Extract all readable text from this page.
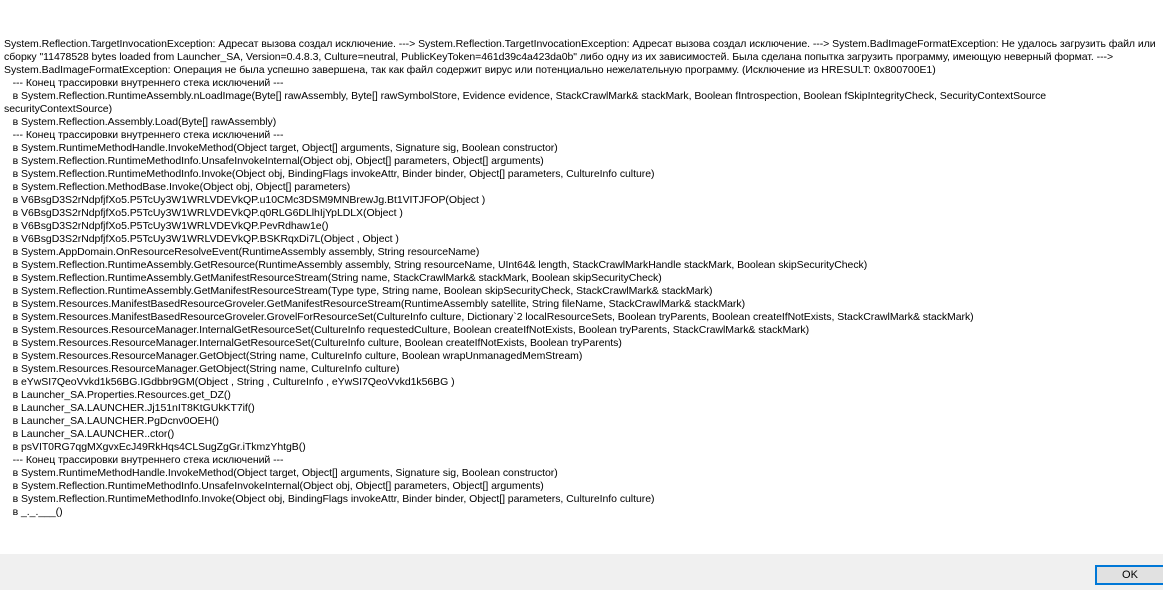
System.Reflection.TargetInvocationException: Адресат вызова создал исключение. ---> System.Reflection.TargetInvocationException: Адресат вызова создал исключение. ---> System.BadImageFormatException: Не удалось загрузить файл или сборку "11478528 bytes loaded from Launcher_SA, Version=0.4.8.3, Culture=neutral, PublicKeyToken=461d39c4a423da0b" либо одну из их зависимостей. Была сделана попытка загрузить программу, имеющую неверный формат. ---> System.BadImageFormatException: Операция не была успешно завершена, так как файл содержит вирус или потенциально нежелательную программу. (Исключение из HRESULT: 0x800700E1)
--- Конец трассировки внутреннего стека исключений ---
в System.Reflection.RuntimeAssembly.nLoadImage(Byte[] rawAssembly, Byte[] rawSymbolStore, Evidence evidence, StackCrawlMark& stackMark, Boolean fIntrospection, Boolean fSkipIntegrityCheck, SecurityContextSource securityContextSource)
в System.Reflection.Assembly.Load(Byte[] rawAssembly)
--- Конец трассировки внутреннего стека исключений ---
в System.RuntimeMethodHandle.InvokeMethod(Object target, Object[] arguments, Signature sig, Boolean constructor)
в System.Reflection.RuntimeMethodInfo.UnsafeInvokeInternal(Object obj, Object[] parameters, Object[] arguments)
в System.Reflection.RuntimeMethodInfo.Invoke(Object obj, BindingFlags invokeAttr, Binder binder, Object[] parameters, CultureInfo culture)
в System.Reflection.MethodBase.Invoke(Object obj, Object[] parameters)
в V6BsgD3S2rNdpfjfXo5.P5TcUy3W1WRLVDEVkQP.u10CMc3DSM9MNBrewJg.Bt1VITJFOP(Object )
в V6BsgD3S2rNdpfjfXo5.P5TcUy3W1WRLVDEVkQP.q0RLG6DLlhIjYpLDLX(Object )
в V6BsgD3S2rNdpfjfXo5.P5TcUy3W1WRLVDEVkQP.PevRdhaw1e()
в V6BsgD3S2rNdpfjfXo5.P5TcUy3W1WRLVDEVkQP.BSKRqxDi7L(Object , Object )
в System.AppDomain.OnResourceResolveEvent(RuntimeAssembly assembly, String resourceName)
в System.Reflection.RuntimeAssembly.GetResource(RuntimeAssembly assembly, String resourceName, UInt64& length, StackCrawlMarkHandle stackMark, Boolean skipSecurityCheck)
в System.Reflection.RuntimeAssembly.GetManifestResourceStream(String name, StackCrawlMark& stackMark, Boolean skipSecurityCheck)
в System.Reflection.RuntimeAssembly.GetManifestResourceStream(Type type, String name, Boolean skipSecurityCheck, StackCrawlMark& stackMark)
в System.Resources.ManifestBasedResourceGroveler.GetManifestResourceStream(RuntimeAssembly satellite, String fileName, StackCrawlMark& stackMark)
в System.Resources.ManifestBasedResourceGroveler.GrovelForResourceSet(CultureInfo culture, Dictionary`2 localResourceSets, Boolean tryParents, Boolean createIfNotExists, StackCrawlMark& stackMark)
в System.Resources.ResourceManager.InternalGetResourceSet(CultureInfo requestedCulture, Boolean createIfNotExists, Boolean tryParents, StackCrawlMark& stackMark)
в System.Resources.ResourceManager.InternalGetResourceSet(CultureInfo culture, Boolean createIfNotExists, Boolean tryParents)
в System.Resources.ResourceManager.GetObject(String name, CultureInfo culture, Boolean wrapUnmanagedMemStream)
в System.Resources.ResourceManager.GetObject(String name, CultureInfo culture)
в eYwSI7QeoVvkd1k56BG.IGdbbr9GM(Object , String , CultureInfo , eYwSI7QeoVvkd1k56BG )
в Launcher_SA.Properties.Resources.get_DZ()
в Launcher_SA.LAUNCHER.Jj151nIT8KtGUkKT7if()
в Launcher_SA.LAUNCHER.PgDcnv0OEH()
в Launcher_SA.LAUNCHER..ctor()
в psVIT0RG7qgMXgvxEcJ49RkHqs4CLSugZgGr.iTkmzYhtgB()
--- Конец трассировки внутреннего стека исключений ---
в System.RuntimeMethodHandle.InvokeMethod(Object target, Object[] arguments, Signature sig, Boolean constructor)
в System.Reflection.RuntimeMethodInfo.UnsafeInvokeInternal(Object obj, Object[] parameters, Object[] arguments)
в System.Reflection.RuntimeMethodInfo.Invoke(Object obj, BindingFlags invokeAttr, Binder binder, Object[] parameters, CultureInfo culture)
в _._.___()
OK
